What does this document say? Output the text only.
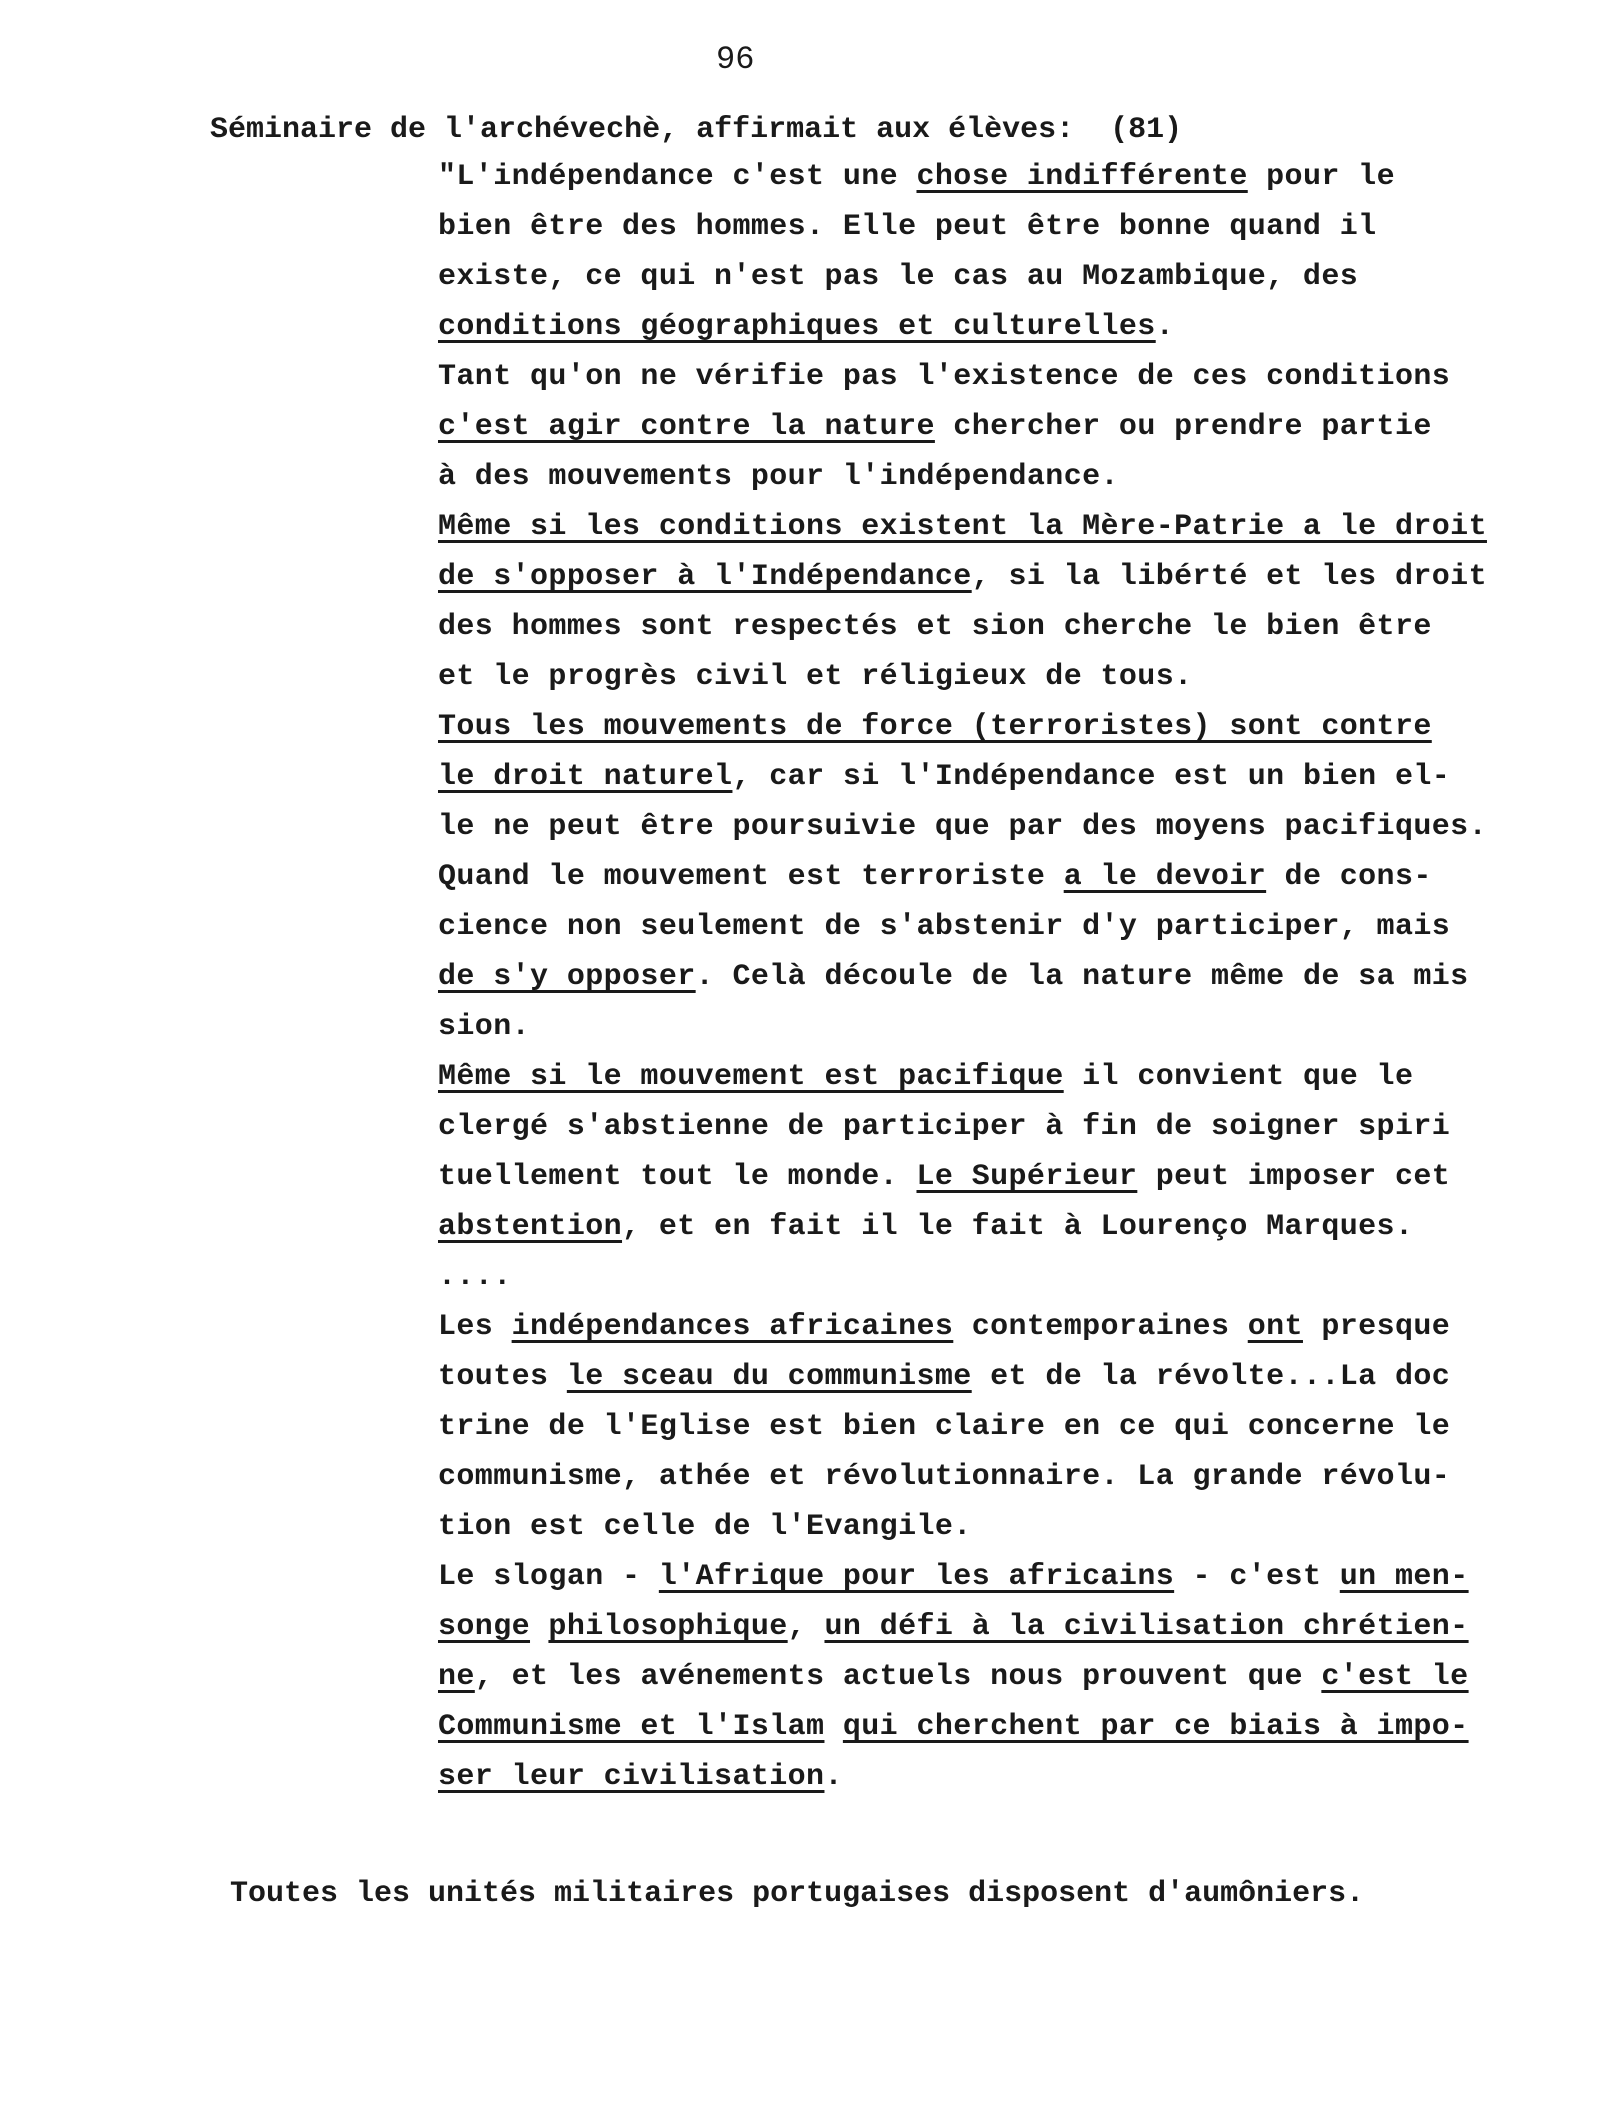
96
Séminaire de l'archévechè, affirmait aux élèves:  (81)
"L'indépendance c'est une chose indifférente pour le
bien être des hommes. Elle peut être bonne quand il
existe, ce qui n'est pas le cas au Mozambique, des
conditions géographiques et culturelles.
Tant qu'on ne vérifie pas l'existence de ces conditions
c'est agir contre la nature chercher ou prendre partie
à des mouvements pour l'indépendance.
Même si les conditions existent la Mère-Patrie a le droit
de s'opposer à l'Indépendance, si la libérté et les droit
des hommes sont respectés et sion cherche le bien être
et le progrès civil et réligieux de tous.
Tous les mouvements de force (terroristes) sont contre
le droit naturel, car si l'Indépendance est un bien el-
le ne peut être poursuivie que par des moyens pacifiques.
Quand le mouvement est terroriste a le devoir de cons-
cience non seulement de s'abstenir d'y participer, mais
de s'y opposer. Celà découle de la nature même de sa mis
sion.
Même si le mouvement est pacifique il convient que le
clergé s'abstienne de participer à fin de soigner spiri
tuellement tout le monde. Le Supérieur peut imposer cet
abstention, et en fait il le fait à Lourenço Marques.
....
Les indépendances africaines contemporaines ont presque
toutes le sceau du communisme et de la révolte...La doc
trine de l'Eglise est bien claire en ce qui concerne le
communisme, athée et révolutionnaire. La grande révolu-
tion est celle de l'Evangile.
Le slogan - l'Afrique pour les africains - c'est un men-
songe philosophique, un défi à la civilisation chrétien-
ne, et les avénements actuels nous prouvent que c'est le
Communisme et l'Islam qui cherchent par ce biais à impo-
ser leur civilisation.
Toutes les unités militaires portugaises disposent d'aumôniers.
